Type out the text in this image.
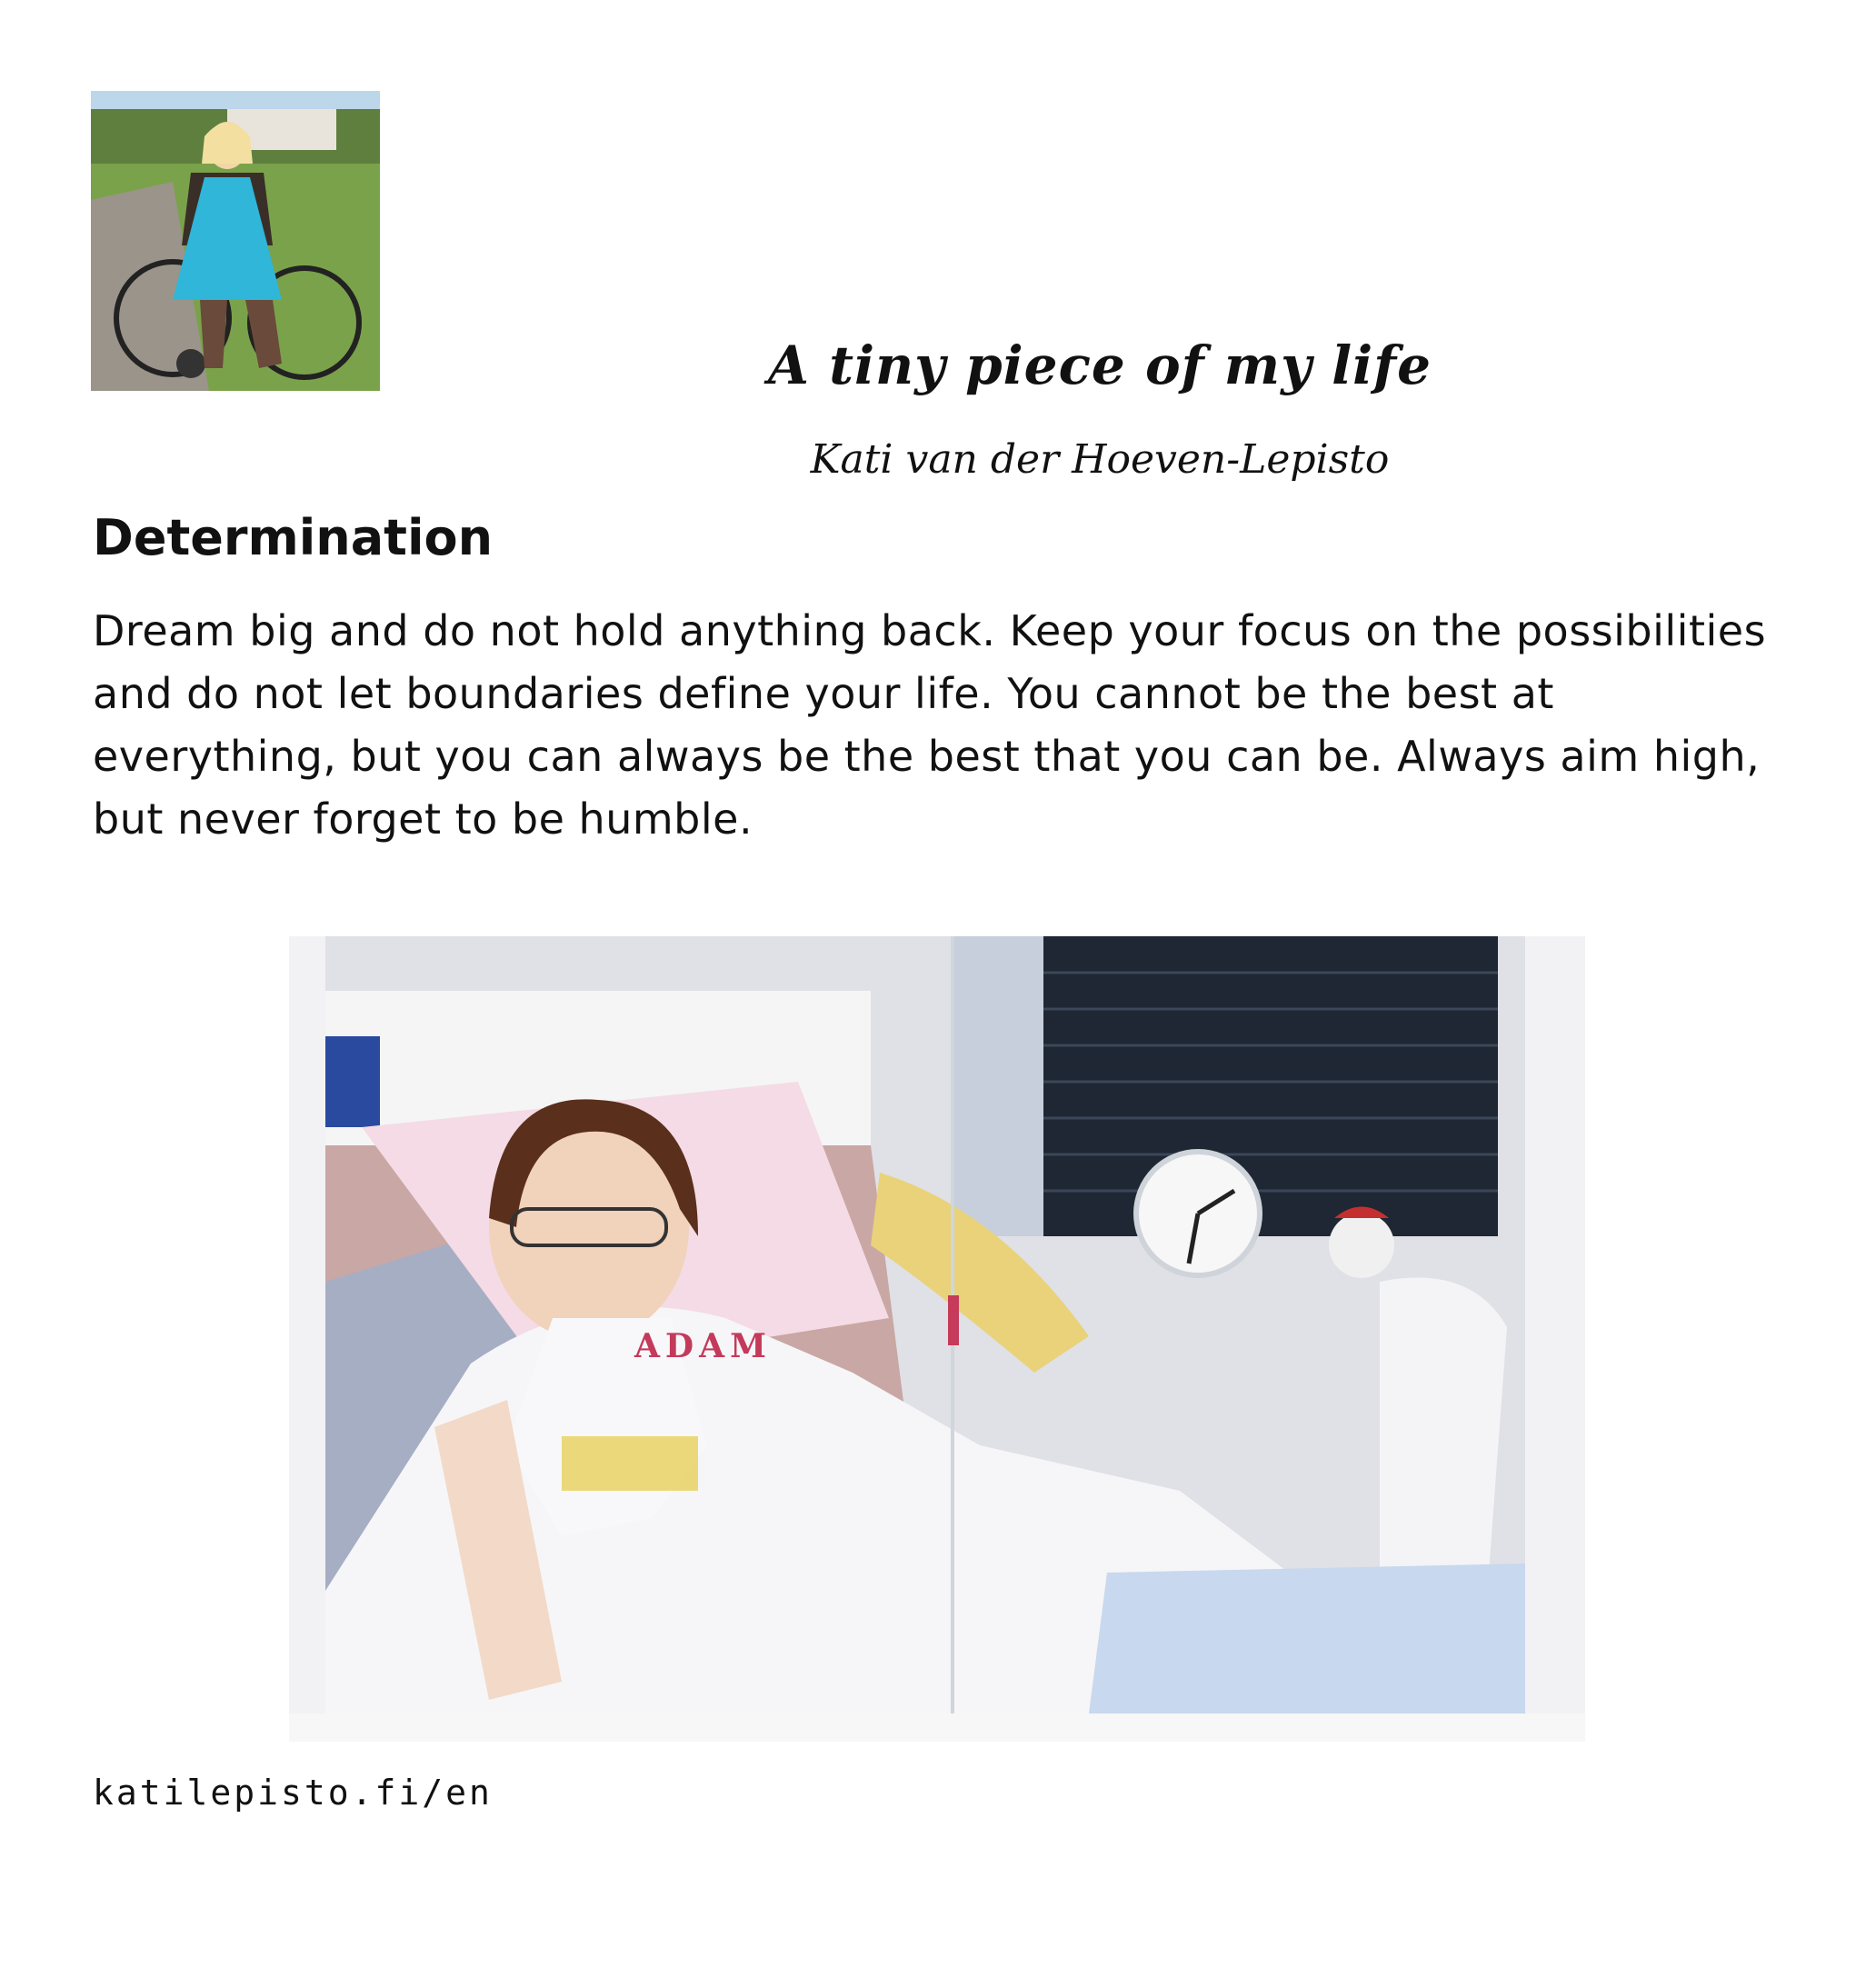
A tiny piece of my life

Kati van der Hoeven-Lepisto

Determination

Dream big and do not hold anything back. Keep your focus on the possibilities and do not let boundaries define your life. You cannot be the best at everything, but you can always be the best that you can be. Always aim high, but never forget to be humble.

ADAM

katilepisto.fi/en
